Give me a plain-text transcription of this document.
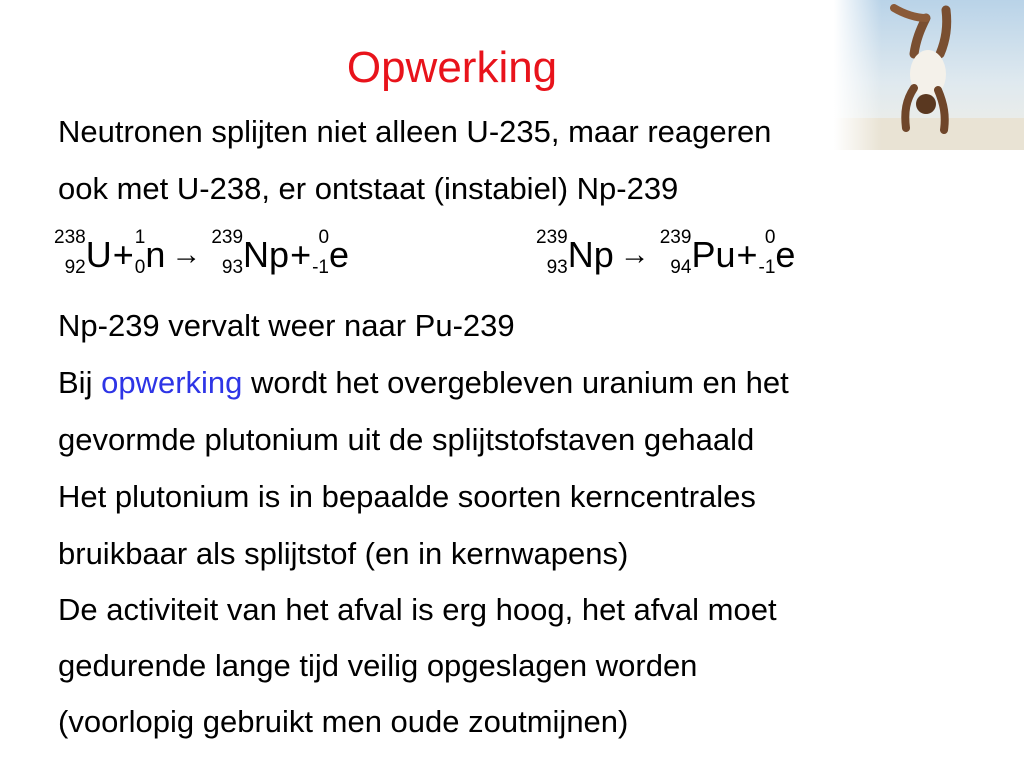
Opwerking
Neutronen splijten niet alleen U-235, maar reageren
ook met U-238, er ontstaat (instabiel) Np-239
238
92 U+ 1
0 n →
239
93 Np+ 0
-1 e	239
93 Np →
239
94 Pu+ 0
-1 e
Np-239 vervalt weer naar Pu-239
Bij opwerking wordt het overgebleven uranium en het
gevormde plutonium uit de splijtstofstaven gehaald
Het plutonium is in bepaalde soorten kerncentrales
bruikbaar als splijtstof (en in kernwapens)
De activiteit van het afval is erg hoog, het afval moet
gedurende lange tijd veilig opgeslagen worden
(voorlopig gebruikt men oude zoutmijnen)
